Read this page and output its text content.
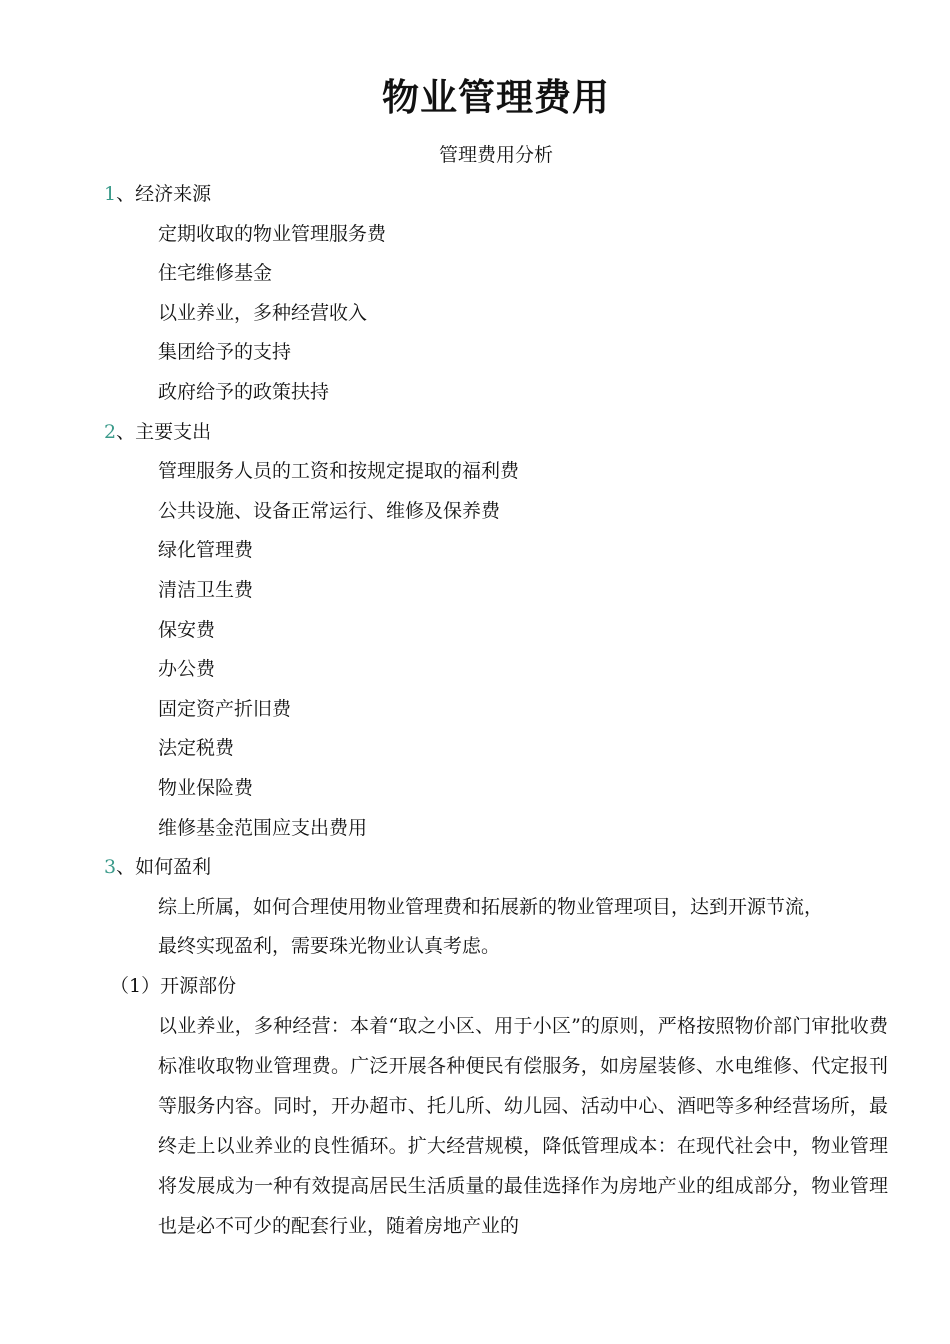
物业管理费用
管理费用分析
1、经济来源
定期收取的物业管理服务费
住宅维修基金
以业养业，多种经营收入
集团给予的支持
政府给予的政策扶持
2、主要支出
管理服务人员的工资和按规定提取的福利费
公共设施、设备正常运行、维修及保养费
绿化管理费
清洁卫生费
保安费
办公费
固定资产折旧费
法定税费
物业保险费
维修基金范围应支出费用
3、如何盈利
综上所属，如何合理使用物业管理费和拓展新的物业管理项目，达到开源节流，
最终实现盈利，需要珠光物业认真考虑。
（1）开源部份
以业养业，多种经营：本着“取之小区、用于小区”的原则，严格按照物价部门审批收费标准收取物业管理费。广泛开展各种便民有偿服务，如房屋装修、水电维修、代定报刊等服务内容。同时，开办超市、托儿所、幼儿园、活动中心、酒吧等多种经营场所，最终走上以业养业的良性循环。扩大经营规模，降低管理成本：在现代社会中，物业管理将发展成为一种有效提高居民生活质量的最佳选择作为房地产业的组成部分，物业管理也是必不可少的配套行业，随着房地产业的
